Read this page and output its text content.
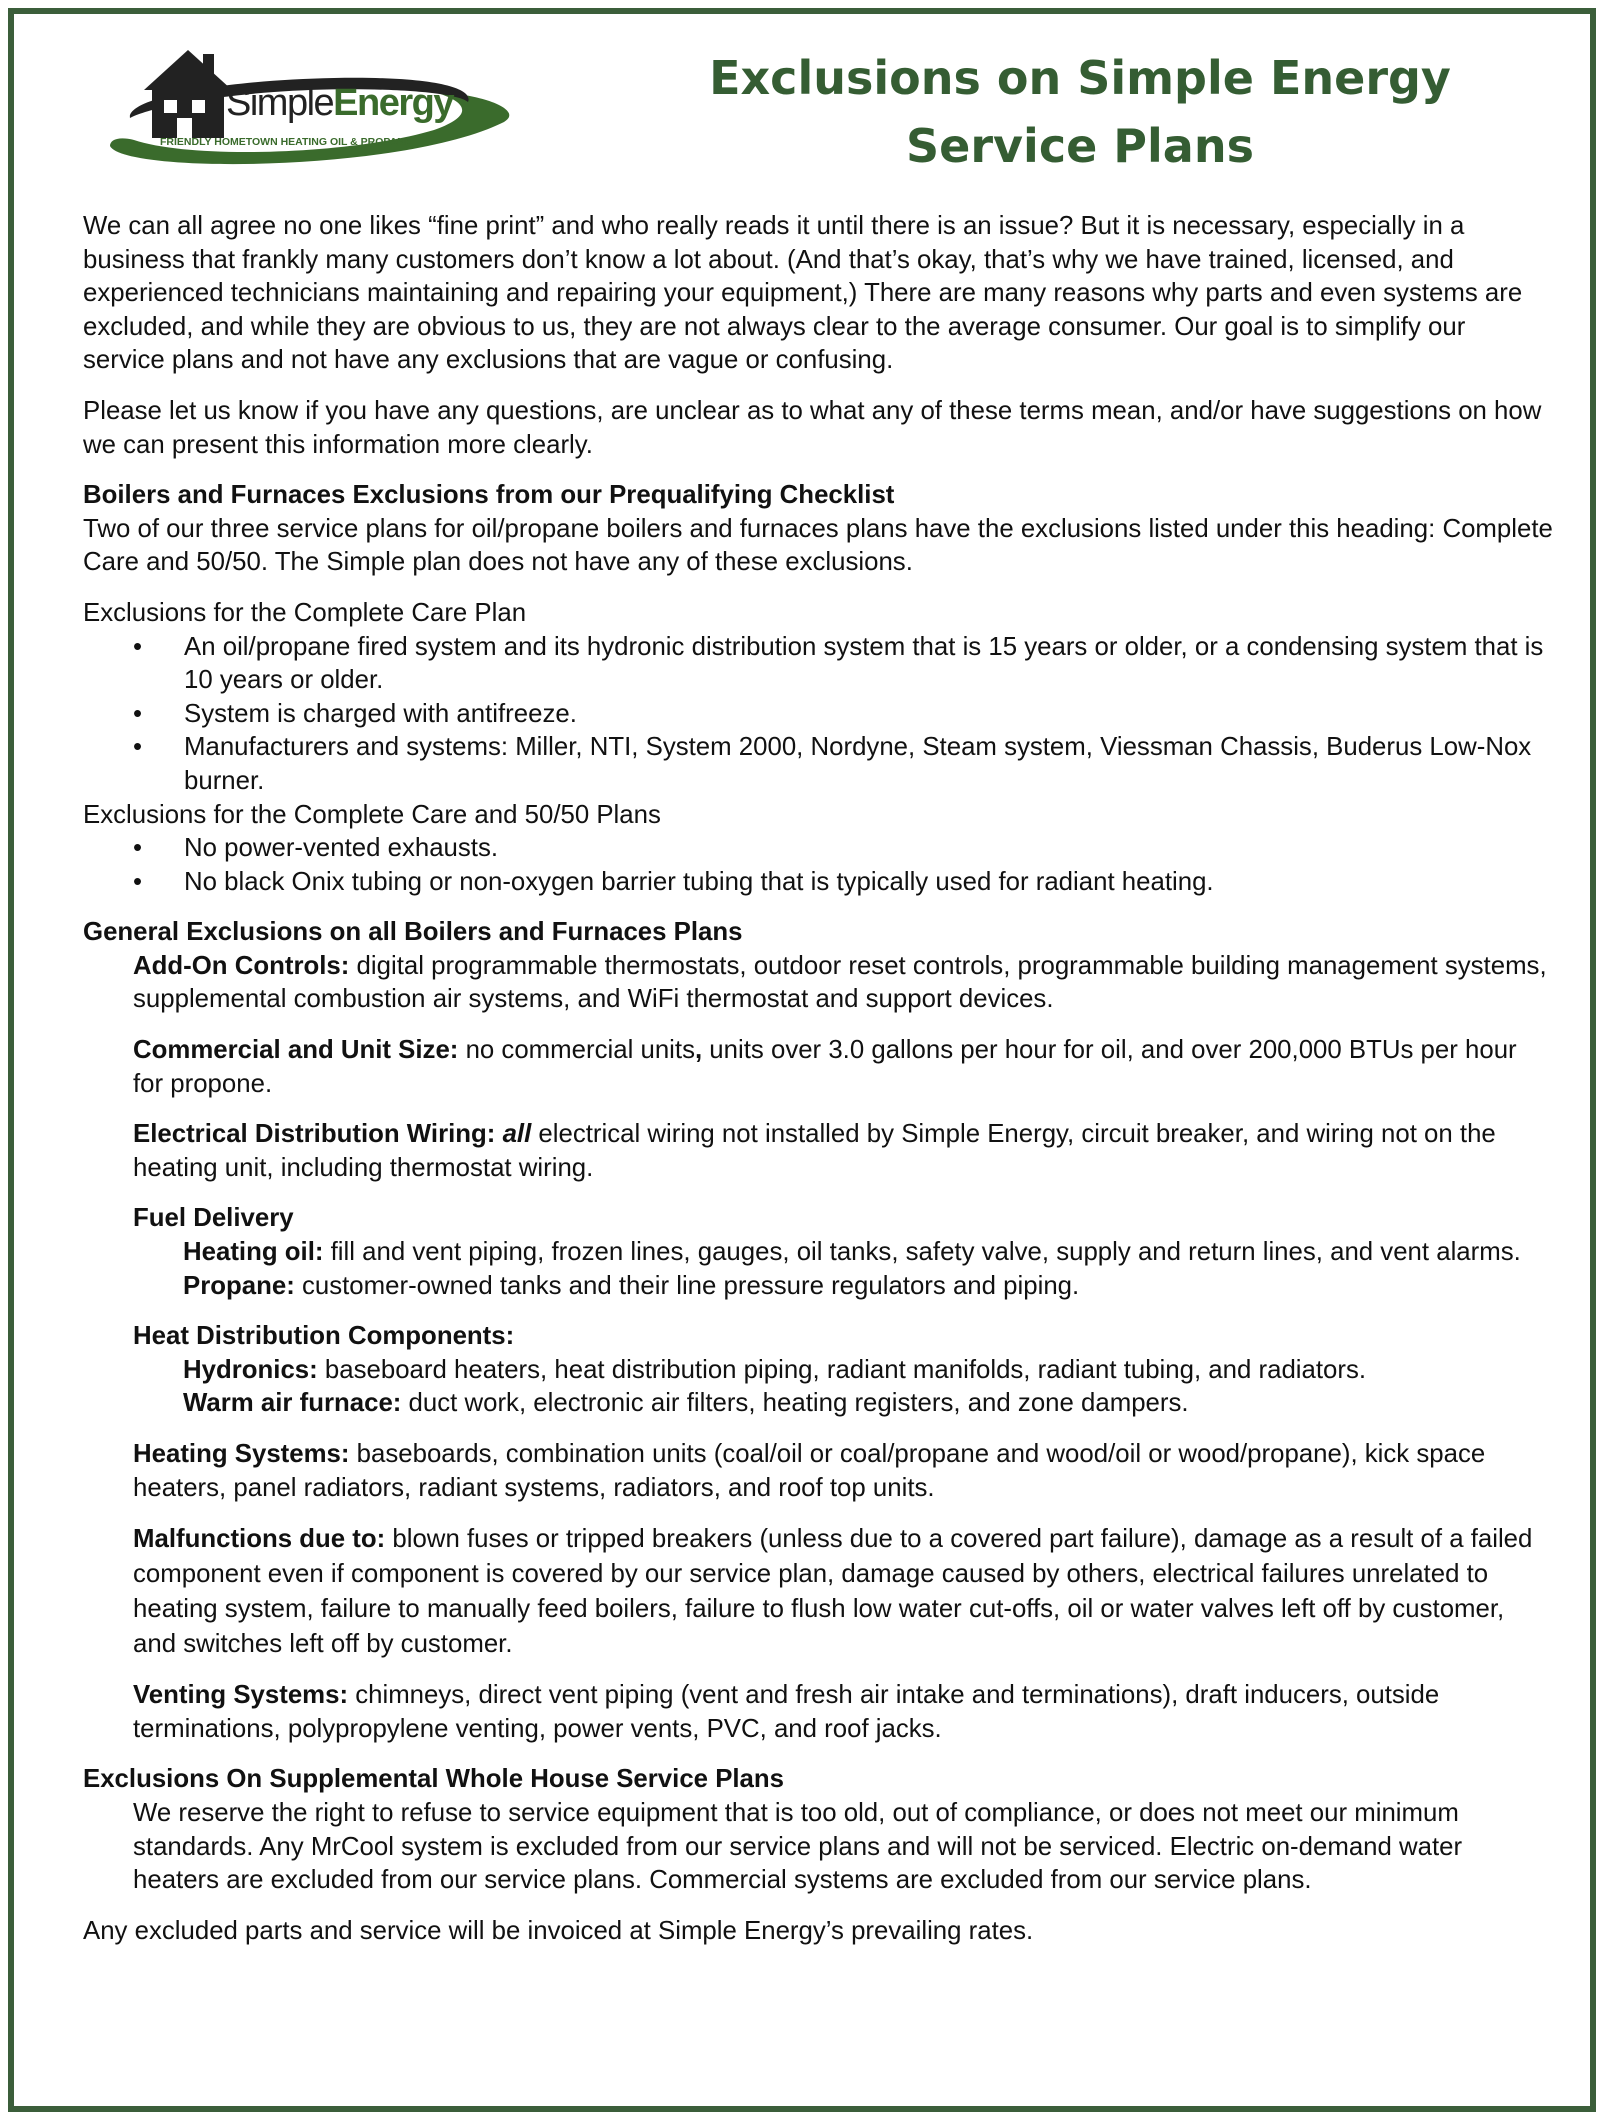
SimpleEnergy
FRIENDLY HOMETOWN HEATING OIL & PROPANE
Exclusions on Simple Energy
Service Plans

We can all agree no one likes “fine print” and who really reads it until there is an issue? But it is necessary, especially in a business that frankly many customers don’t know a lot about. (And that’s okay, that’s why we have trained, licensed, and experienced technicians maintaining and repairing your equipment,) There are many reasons why parts and even systems are excluded, and while they are obvious to us, they are not always clear to the average consumer. Our goal is to simplify our service plans and not have any exclusions that are vague or confusing.

Please let us know if you have any questions, are unclear as to what any of these terms mean, and/or have suggestions on how we can present this information more clearly.

Boilers and Furnaces Exclusions from our Prequalifying Checklist

Two of our three service plans for oil/propane boilers and furnaces plans have the exclusions listed under this heading: Complete Care and 50/50. The Simple plan does not have any of these exclusions.

Exclusions for the Complete Care Plan

• An oil/propane fired system and its hydronic distribution system that is 15 years or older, or a condensing system that is 10 years or older.
• System is charged with antifreeze.
• Manufacturers and systems: Miller, NTI, System 2000, Nordyne, Steam system, Viessman Chassis, Buderus Low-Nox burner.

Exclusions for the Complete Care and 50/50 Plans

• No power-vented exhausts.
• No black Onix tubing or non-oxygen barrier tubing that is typically used for radiant heating.

General Exclusions on all Boilers and Furnaces Plans

Add-On Controls: digital programmable thermostats, outdoor reset controls, programmable building management systems, supplemental combustion air systems, and WiFi thermostat and support devices.

Commercial and Unit Size: no commercial units, units over 3.0 gallons per hour for oil, and over 200,000 BTUs per hour for propone.

Electrical Distribution Wiring: all electrical wiring not installed by Simple Energy, circuit breaker, and wiring not on the heating unit, including thermostat wiring.

Fuel Delivery

Heating oil: fill and vent piping, frozen lines, gauges, oil tanks, safety valve, supply and return lines, and vent alarms.

Propane: customer-owned tanks and their line pressure regulators and piping.

Heat Distribution Components:

Hydronics: baseboard heaters, heat distribution piping, radiant manifolds, radiant tubing, and radiators.

Warm air furnace: duct work, electronic air filters, heating registers, and zone dampers.

Heating Systems: baseboards, combination units (coal/oil or coal/propane and wood/oil or wood/propane), kick space heaters, panel radiators, radiant systems, radiators, and roof top units.

Malfunctions due to: blown fuses or tripped breakers (unless due to a covered part failure), damage as a result of a failed component even if component is covered by our service plan, damage caused by others, electrical failures unrelated to heating system, failure to manually feed boilers, failure to flush low water cut-offs, oil or water valves left off by customer, and switches left off by customer.

Venting Systems: chimneys, direct vent piping (vent and fresh air intake and terminations), draft inducers, outside terminations, polypropylene venting, power vents, PVC, and roof jacks.

Exclusions On Supplemental Whole House Service Plans

We reserve the right to refuse to service equipment that is too old, out of compliance, or does not meet our minimum standards. Any MrCool system is excluded from our service plans and will not be serviced. Electric on-demand water heaters are excluded from our service plans. Commercial systems are excluded from our service plans.

Any excluded parts and service will be invoiced at Simple Energy’s prevailing rates.
